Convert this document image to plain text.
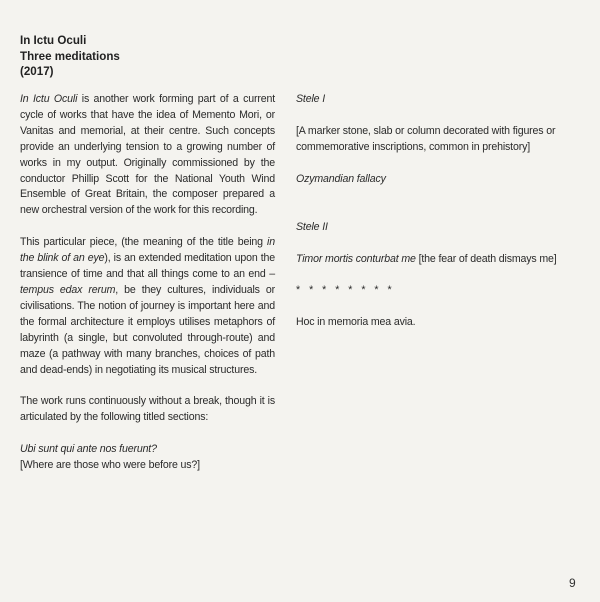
In Ictu Oculi
Three meditations
(2017)

In Ictu Oculi is another work forming part of a current cycle of works that have the idea of Memento Mori, or Vanitas and memorial, at their centre. Such concepts provide an underlying tension to a growing number of works in my output. Originally commissioned by the conductor Phillip Scott for the National Youth Wind Ensemble of Great Britain, the composer prepared a new orchestral version of the work for this recording.

This particular piece, (the meaning of the title being in the blink of an eye), is an extended meditation upon the transience of time and that all things come to an end – tempus edax rerum, be they cultures, individuals or civilisations. The notion of journey is important here and the formal architecture it employs utilises metaphors of labyrinth (a single, but convoluted through-route) and maze (a pathway with many branches, choices of path and dead-ends) in negotiating its musical structures.

The work runs continuously without a break, though it is articulated by the following titled sections:

Ubi sunt qui ante nos fuerunt?
[Where are those who were before us?]

Stele I

[A marker stone, slab or column decorated with figures or commemorative inscriptions, common in prehistory]

Ozymandian fallacy

Stele II

Timor mortis conturbat me [the fear of death dismays me]

* * * * * * * *

Hoc in memoria mea avia.

9
